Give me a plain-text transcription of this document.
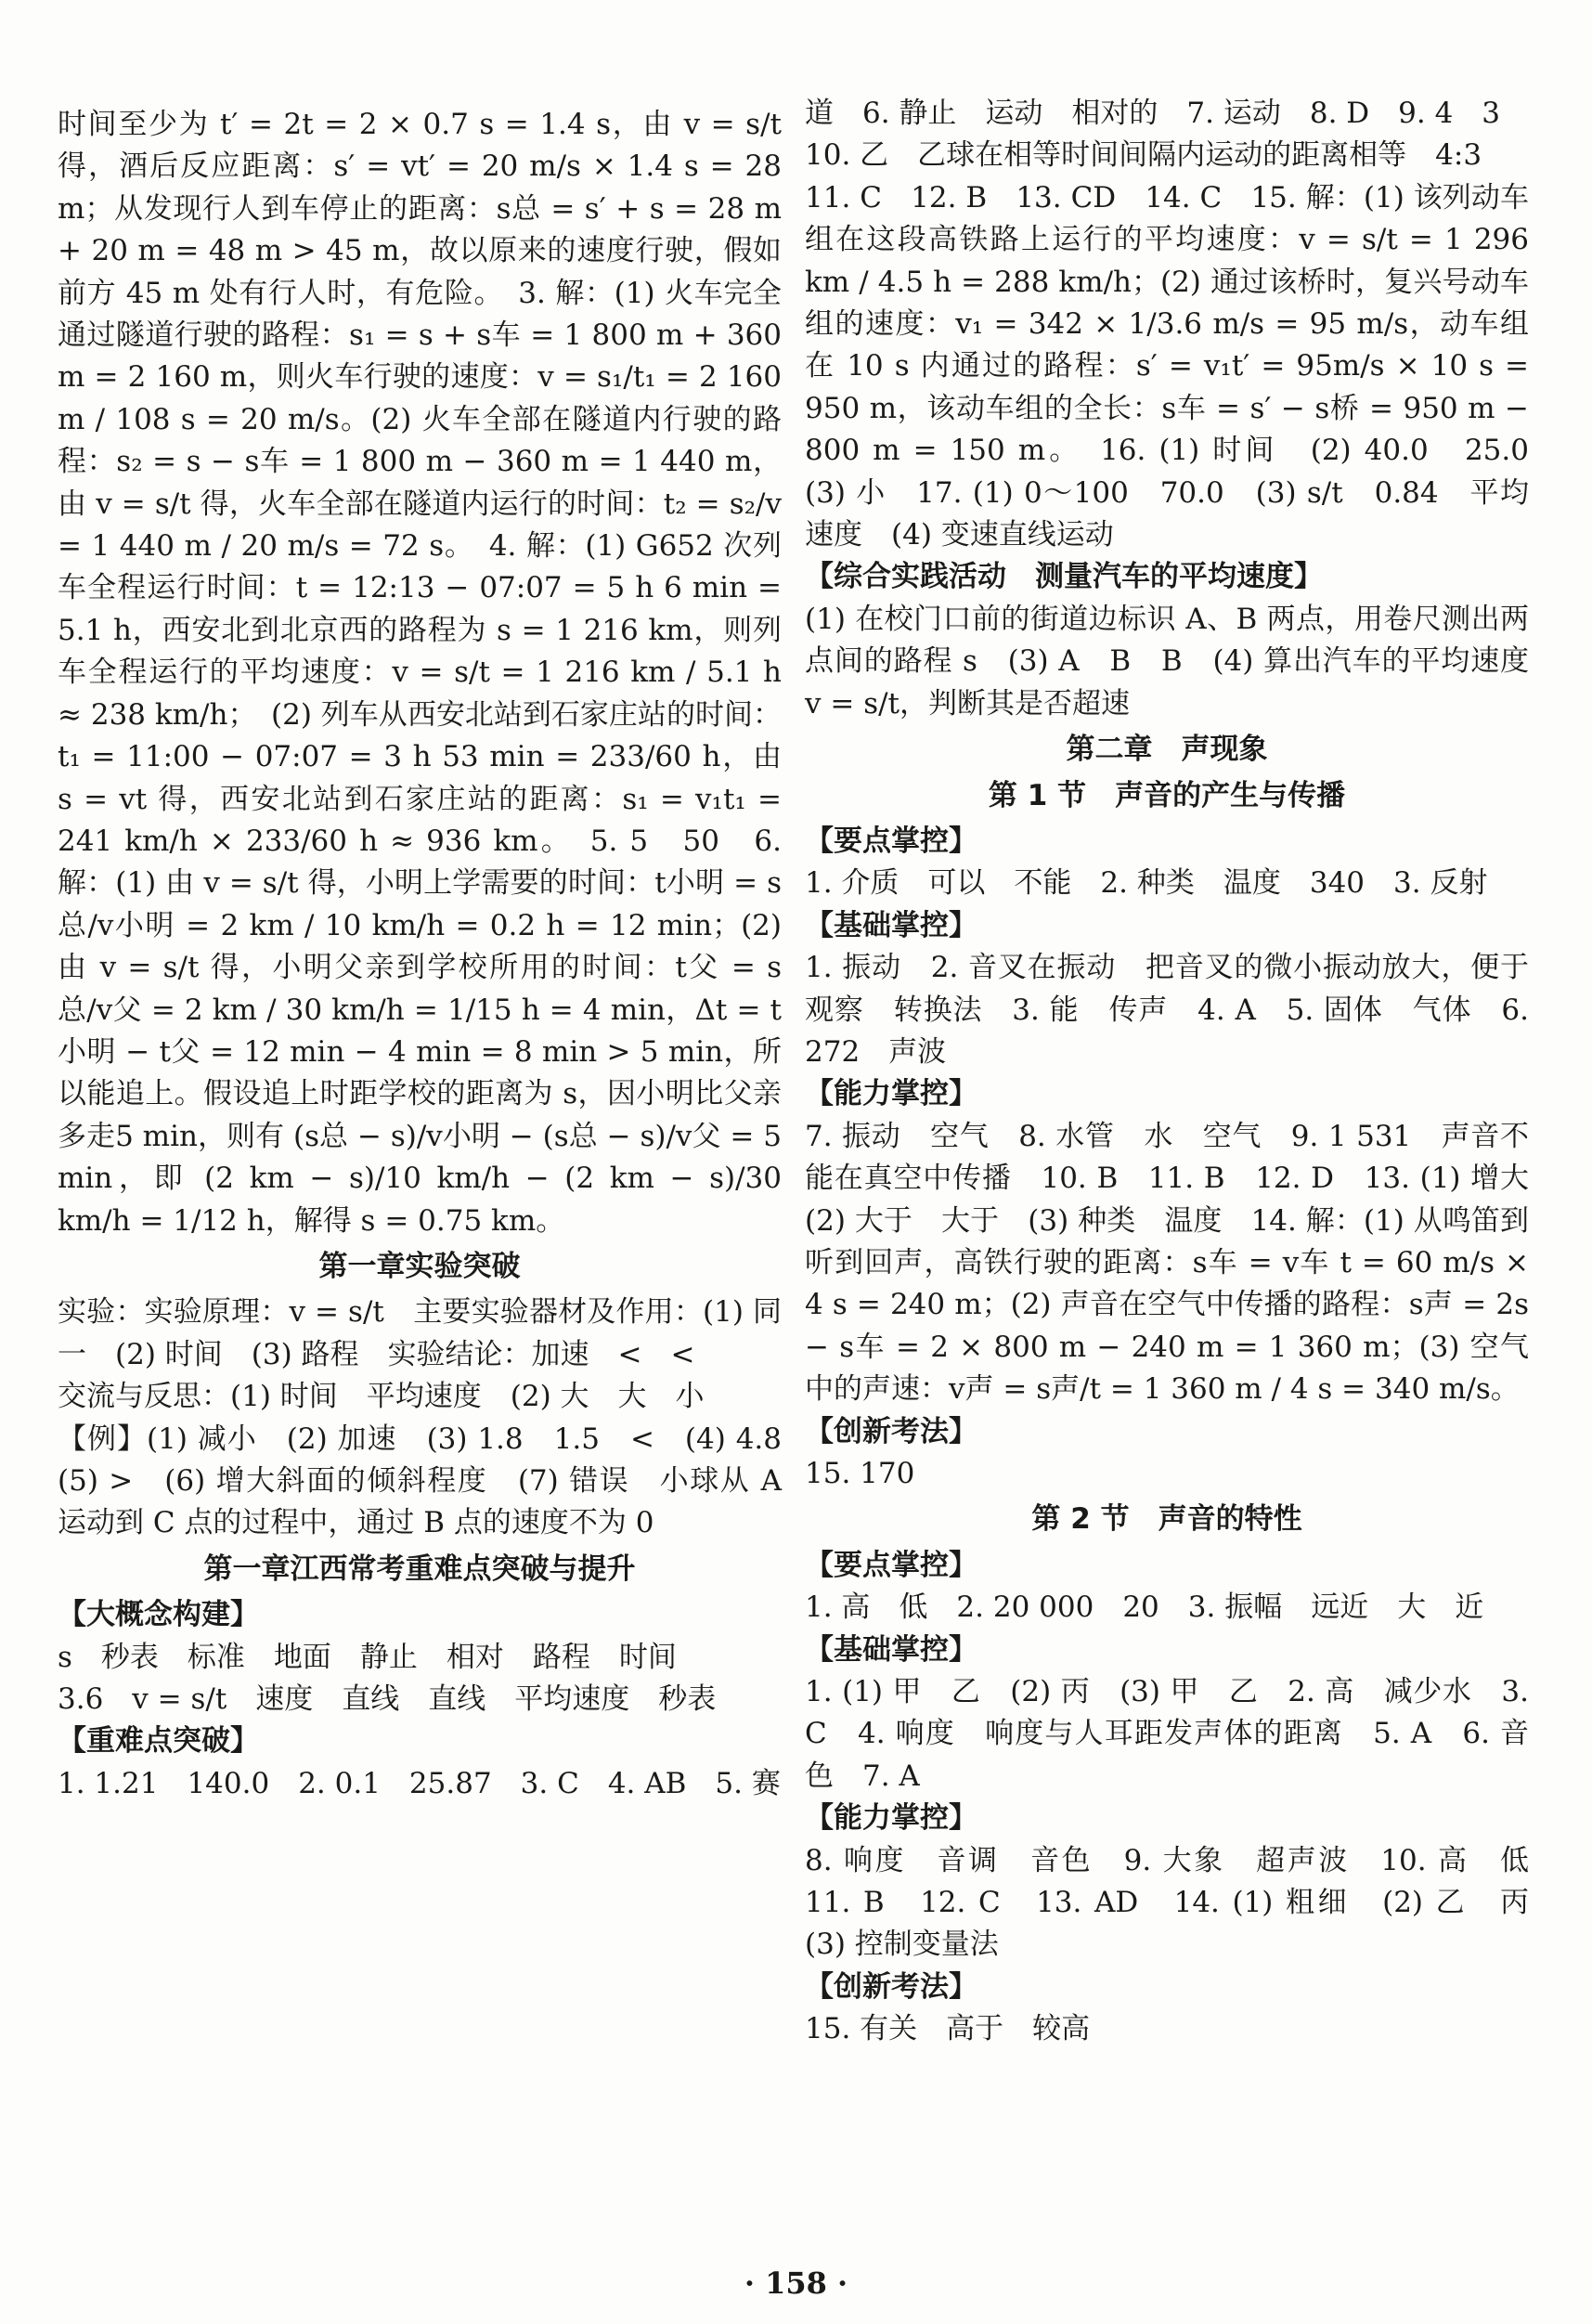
时间至少为 t′ = 2t = 2 × 0.7 s = 1.4 s，由 v = s/t 得，酒后反应距离：s′ = vt′ = 20 m/s × 1.4 s = 28 m；从发现行人到车停止的距离：s总 = s′ + s = 28 m + 20 m = 48 m > 45 m，故以原来的速度行驶，假如前方 45 m 处有行人时，有危险。　3. 解：(1) 火车完全通过隧道行驶的路程：s₁ = s + s车 = 1 800 m + 360 m = 2 160 m，则火车行驶的速度：v = s₁/t₁ = 2 160 m / 108 s = 20 m/s。(2) 火车全部在隧道内行驶的路程：s₂ = s − s车 = 1 800 m − 360 m = 1 440 m，由 v = s/t 得，火车全部在隧道内运行的时间：t₂ = s₂/v = 1 440 m / 20 m/s = 72 s。　4. 解：(1) G652 次列车全程运行时间：t = 12:13 − 07:07 = 5 h 6 min = 5.1 h，西安北到北京西的路程为 s = 1 216 km，则列车全程运行的平均速度：v = s/t = 1 216 km / 5.1 h ≈ 238 km/h；　(2) 列车从西安北站到石家庄站的时间：t₁ = 11:00 − 07:07 = 3 h 53 min = 233/60 h，由 s = vt 得，西安北站到石家庄站的距离：s₁ = v₁t₁ = 241 km/h × 233/60 h ≈ 936 km。　5. 5　50　6. 解：(1) 由 v = s/t 得，小明上学需要的时间：t小明 = s总/v小明 = 2 km / 10 km/h = 0.2 h = 12 min；(2) 由 v = s/t 得，小明父亲到学校所用的时间：t父 = s总/v父 = 2 km / 30 km/h = 1/15 h = 4 min，Δt = t小明 − t父 = 12 min − 4 min = 8 min > 5 min，所以能追上。假设追上时距学校的距离为 s，因小明比父亲多走5 min，则有 (s总 − s)/v小明 − (s总 − s)/v父 = 5 min，即 (2 km − s)/10 km/h − (2 km − s)/30 km/h = 1/12 h，解得 s = 0.75 km。

第一章实验突破

实验：实验原理：v = s/t　主要实验器材及作用：(1) 同一　(2) 时间　(3) 路程　实验结论：加速　<　<

交流与反思：(1) 时间　平均速度　(2) 大　大　小

【例】(1) 减小　(2) 加速　(3) 1.8　1.5　<　(4) 4.8　(5) >　(6) 增大斜面的倾斜程度　(7) 错误　小球从 A 运动到 C 点的过程中，通过 B 点的速度不为 0

第一章江西常考重难点突破与提升

【大概念构建】

s　秒表　标准　地面　静止　相对　路程　时间

3.6　v = s/t　速度　直线　直线　平均速度　秒表

【重难点突破】

1. 1.21　140.0　2. 0.1　25.87　3. C　4. AB　5. 赛

道　6. 静止　运动　相对的　7. 运动　8. D　9. 4　3

10. 乙　乙球在相等时间间隔内运动的距离相等　4:3

11. C　12. B　13. CD　14. C　15. 解：(1) 该列动车组在这段高铁路上运行的平均速度：v = s/t = 1 296 km / 4.5 h = 288 km/h；(2) 通过该桥时，复兴号动车组的速度：v₁ = 342 × 1/3.6 m/s = 95 m/s，动车组在 10 s 内通过的路程：s′ = v₁t′ = 95m/s × 10 s = 950 m，该动车组的全长：s车 = s′ − s桥 = 950 m − 800 m = 150 m。　16. (1) 时间　(2) 40.0　25.0　(3) 小　17. (1) 0～100　70.0　(3) s/t　0.84　平均速度　(4) 变速直线运动

【综合实践活动　测量汽车的平均速度】

(1) 在校门口前的街道边标识 A、B 两点，用卷尺测出两点间的路程 s　(3) A　B　B　(4) 算出汽车的平均速度 v = s/t，判断其是否超速

第二章　声现象

第 1 节　声音的产生与传播

【要点掌控】

1. 介质　可以　不能　2. 种类　温度　340　3. 反射

【基础掌控】

1. 振动　2. 音叉在振动　把音叉的微小振动放大，便于观察　转换法　3. 能　传声　4. A　5. 固体　气体　6. 272　声波

【能力掌控】

7. 振动　空气　8. 水管　水　空气　9. 1 531　声音不能在真空中传播　10. B　11. B　12. D　13. (1) 增大　(2) 大于　大于　(3) 种类　温度　14. 解：(1) 从鸣笛到听到回声，高铁行驶的距离：s车 = v车 t = 60 m/s × 4 s = 240 m；(2) 声音在空气中传播的路程：s声 = 2s − s车 = 2 × 800 m − 240 m = 1 360 m；(3) 空气中的声速：v声 = s声/t = 1 360 m / 4 s = 340 m/s。

【创新考法】

15. 170

第 2 节　声音的特性

【要点掌控】

1. 高　低　2. 20 000　20　3. 振幅　远近　大　近

【基础掌控】

1. (1) 甲　乙　(2) 丙　(3) 甲　乙　2. 高　减少水　3. C　4. 响度　响度与人耳距发声体的距离　5. A　6. 音色　7. A

【能力掌控】

8. 响度　音调　音色　9. 大象　超声波　10. 高　低　11. B　12. C　13. AD　14. (1) 粗细　(2) 乙　丙　(3) 控制变量法

【创新考法】

15. 有关　高于　较高

· 158 ·
